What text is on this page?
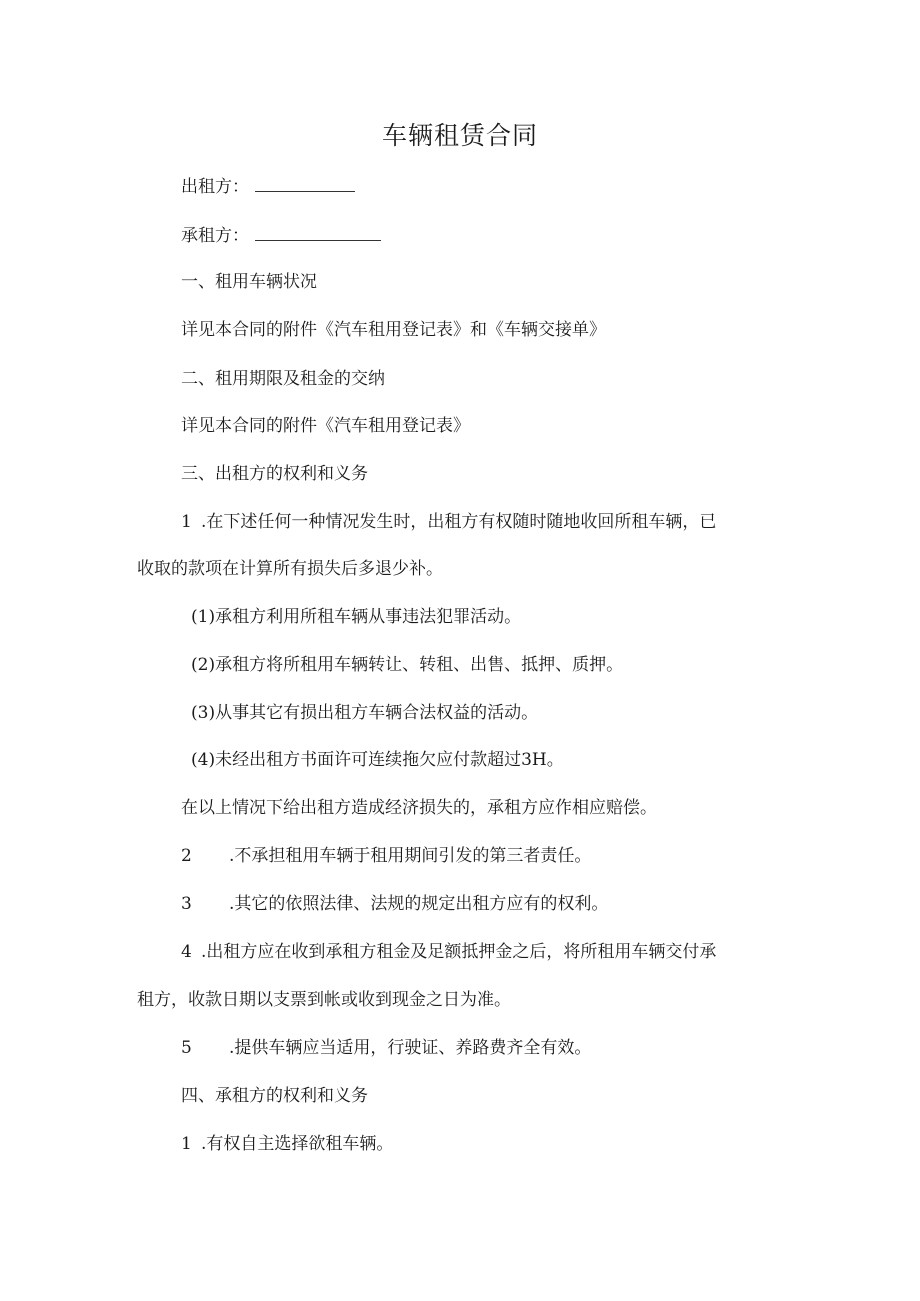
车辆租赁合同
出租方：
承租方：
一、租用车辆状况
详见本合同的附件《汽车租用登记表》和《车辆交接单》
二、租用期限及租金的交纳
详见本合同的附件《汽车租用登记表》
三、出租方的权利和义务
1 .在下述任何一种情况发生时，出租方有权随时随地收回所租车辆，已
收取的款项在计算所有损失后多退少补。
(1)承租方利用所租车辆从事违法犯罪活动。
(2)承租方将所租用车辆转让、转租、出售、抵押、质押。
(3)从事其它有损出租方车辆合法权益的活动。
(4)未经出租方书面许可连续拖欠应付款超过3H。
在以上情况下给出租方造成经济损失的，承租方应作相应赔偿。
2 .不承担租用车辆于租用期间引发的第三者责任。
3 .其它的依照法律、法规的规定出租方应有的权利。
4 .出租方应在收到承租方租金及足额抵押金之后，将所租用车辆交付承
租方，收款日期以支票到帐或收到现金之日为准。
5 .提供车辆应当适用，行驶证、养路费齐全有效。
四、承租方的权利和义务
1 .有权自主选择欲租车辆。
